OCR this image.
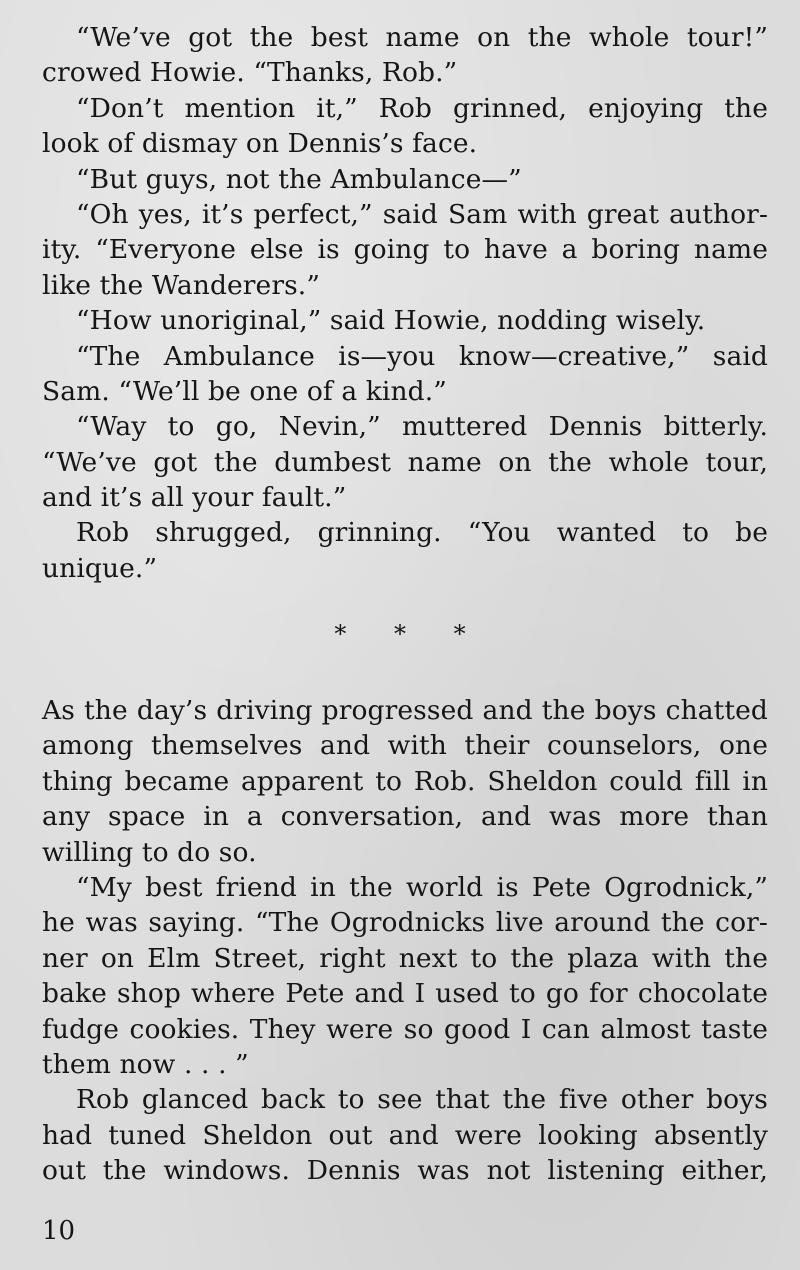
“We’ve got the best name on the whole tour!”
crowed Howie. “Thanks, Rob.”
“Don’t mention it,” Rob grinned, enjoying the
look of dismay on Dennis’s face.
“But guys, not the Ambulance—”
“Oh yes, it’s perfect,” said Sam with great author-
ity. “Everyone else is going to have a boring name
like the Wanderers.”
“How unoriginal,” said Howie, nodding wisely.
“The Ambulance is—you know—creative,” said
Sam. “We’ll be one of a kind.”
“Way to go, Nevin,” muttered Dennis bitterly.
“We’ve got the dumbest name on the whole tour,
and it’s all your fault.”
Rob shrugged, grinning. “You wanted to be
unique.”
* * *
As the day’s driving progressed and the boys chatted
among themselves and with their counselors, one
thing became apparent to Rob. Sheldon could fill in
any space in a conversation, and was more than
willing to do so.
“My best friend in the world is Pete Ogrodnick,”
he was saying. “The Ogrodnicks live around the cor-
ner on Elm Street, right next to the plaza with the
bake shop where Pete and I used to go for chocolate
fudge cookies. They were so good I can almost taste
them now . . . ”
Rob glanced back to see that the five other boys
had tuned Sheldon out and were looking absently
out the windows. Dennis was not listening either,
10
